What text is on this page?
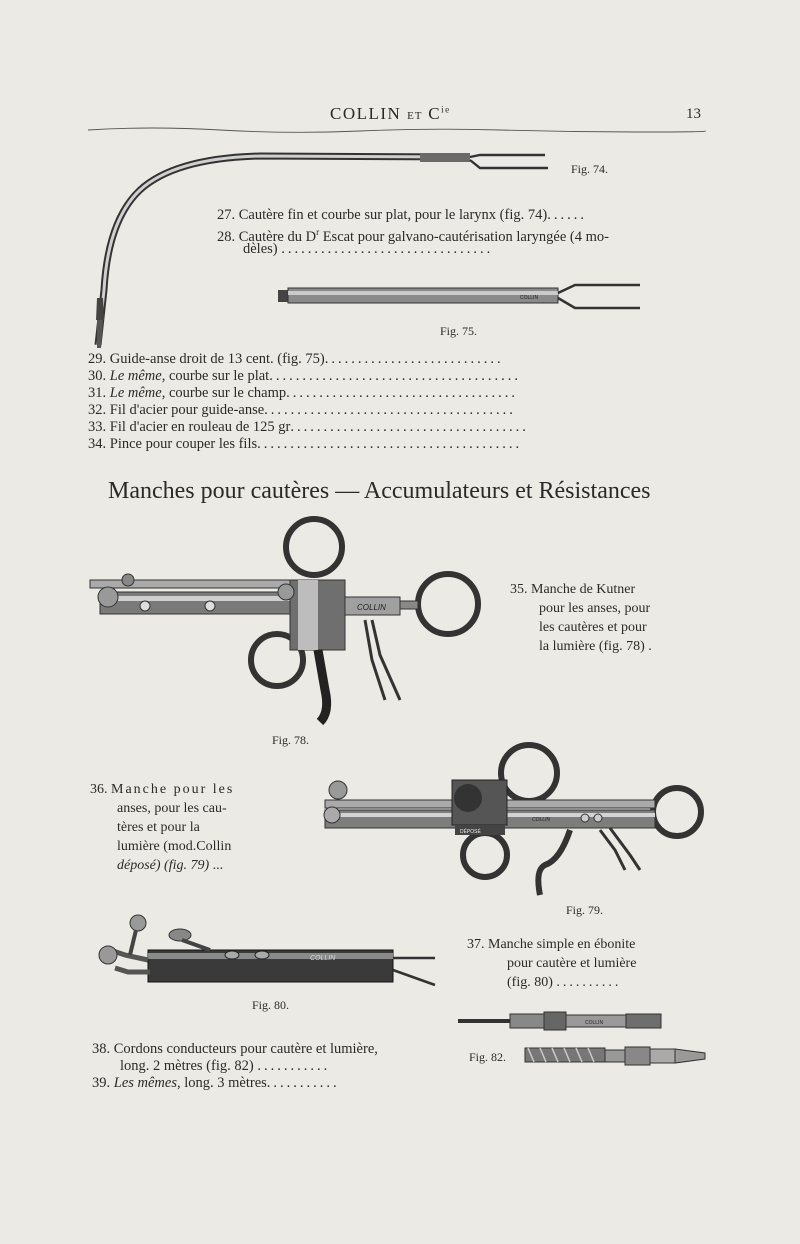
COLLIN ET $C^{ie}$	13
Fig. 74.
27. Cautère fin et courbe sur plat, pour le larynx (fig. 74)......
28. Cautère du $D^r$ Escat pour galvano-cautérisation laryngée (4 mo-
dèles) ................................
COLLIN
Fig. 75.
29. Guide-anse droit de 13 cent. (fig. 75)...........................
30. Le même, courbe sur le plat......................................
31. Le même, courbe sur le champ...................................
32. Fil d'acier pour guide-anse......................................
33. Fil d'acier en rouleau de 125 gr....................................
34. Pince pour couper les fils........................................
Manches pour cautères — Accumulateurs et Résistances
COLLIN
Fig. 78.

35. Manche de Kutner

pour les anses, pour

les cautères et pour

la lumière (fig. 78) .

36. Manche pour les

anses, pour les cau-

tères et pour la

lumière (mod.Collin

déposé) (fig. 79) ...

DÉPOSÉ
COLLIN
Fig. 79.
COLLIN
Fig. 80.

37. Manche simple en ébonite

pour cautère et lumière

(fig. 80) ..........

COLLIN
Fig. 82.
38. Cordons conducteurs pour cautère et lumière,
long. 2 mètres (fig. 82) ...........
39. Les mêmes, long. 3 mètres...........
